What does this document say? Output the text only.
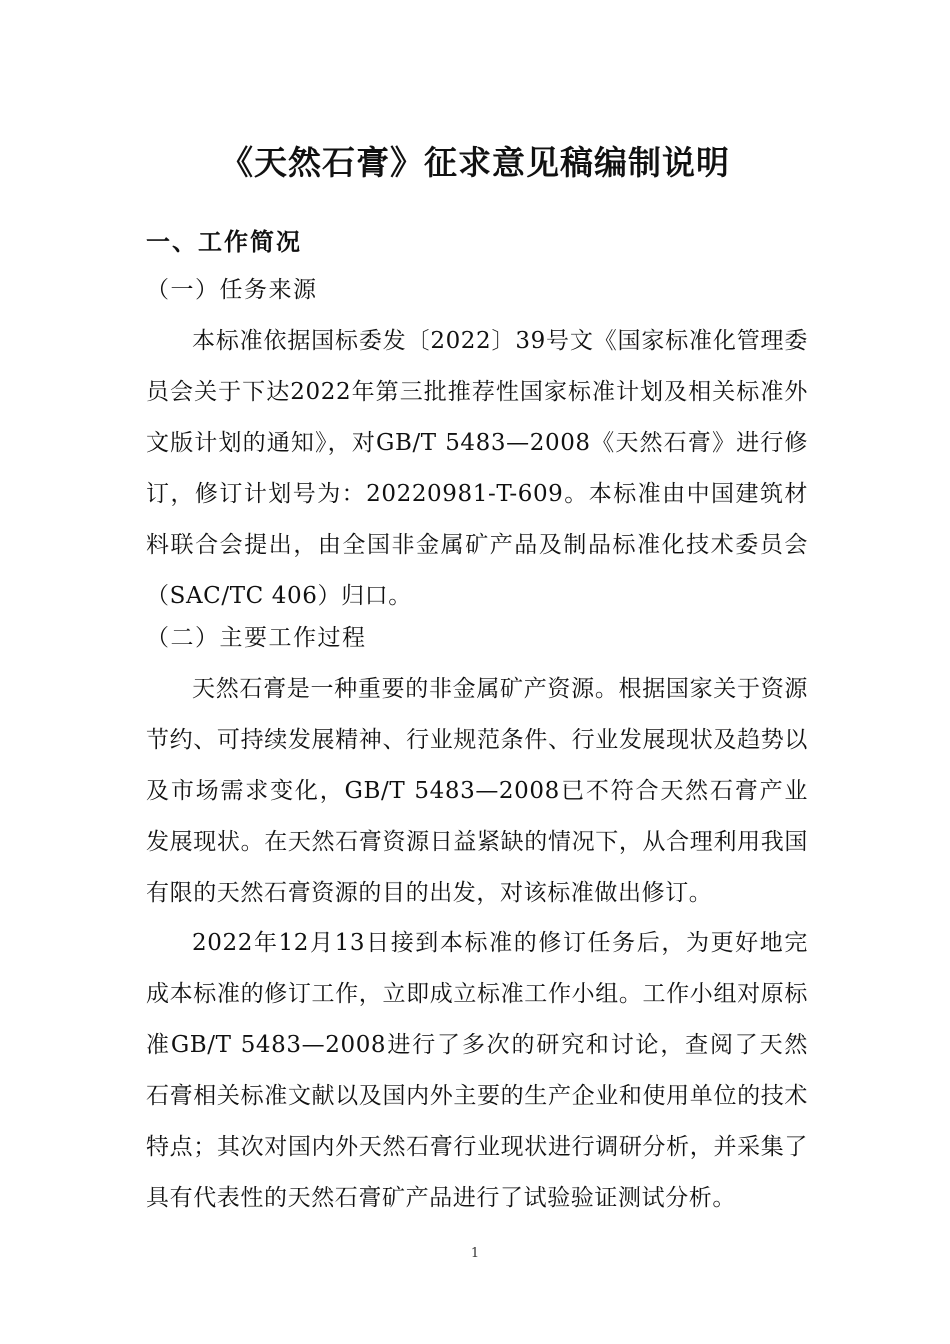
《天然石膏》征求意见稿编制说明
一、工作简况
（一）任务来源

本标准依据国标委发〔2022〕39号文《国家标准化管理委员会关于下达2022年第三批推荐性国家标准计划及相关标准外文版计划的通知》，对GB/T 5483—2008《天然石膏》进行修订，修订计划号为：20220981-T-609。本标准由中国建筑材料联合会提出，由全国非金属矿产品及制品标准化技术委员会（SAC/TC 406）归口。

（二）主要工作过程

天然石膏是一种重要的非金属矿产资源。根据国家关于资源节约、可持续发展精神、行业规范条件、行业发展现状及趋势以及市场需求变化，GB/T 5483—2008已不符合天然石膏产业发展现状。在天然石膏资源日益紧缺的情况下，从合理利用我国有限的天然石膏资源的目的出发，对该标准做出修订。

2022年12月13日接到本标准的修订任务后，为更好地完成本标准的修订工作，立即成立标准工作小组。工作小组对原标准GB/T 5483—2008进行了多次的研究和讨论，查阅了天然石膏相关标准文献以及国内外主要的生产企业和使用单位的技术特点；其次对国内外天然石膏行业现状进行调研分析，并采集了具有代表性的天然石膏矿产品进行了试验验证测试分析。

1
